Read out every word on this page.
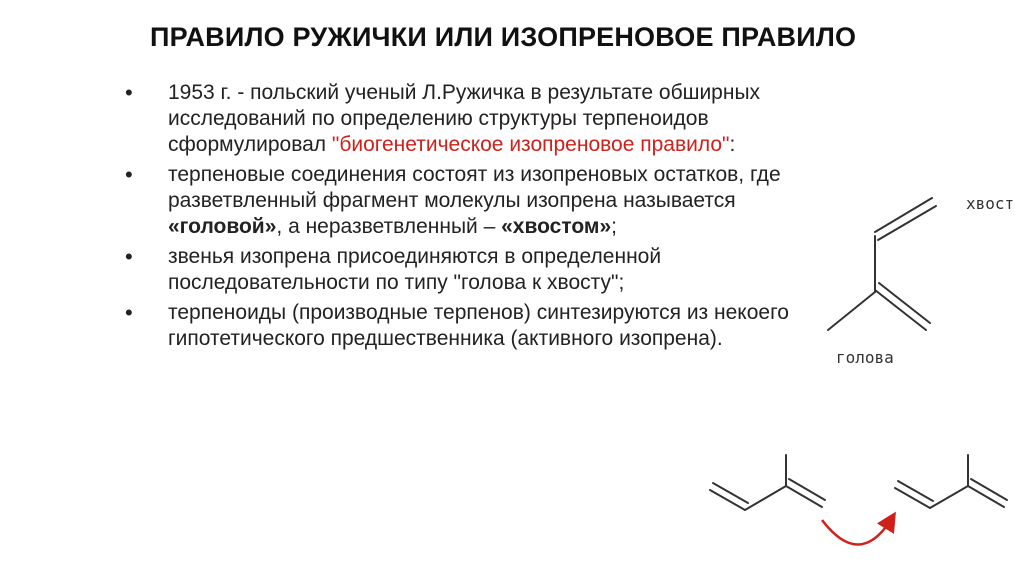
ПРАВИЛО РУЖИЧКИ ИЛИ ИЗОПРЕНОВОЕ ПРАВИЛО
• 1953 г. - польский ученый Л.Ружичка в результате обширных исследований по определению структуры терпеноидов сформулировал "биогенетическое изопреновое правило":
• терпеновые соединения состоят из изопреновых остатков, где разветвленный фрагмент молекулы изопрена называется «головой», а неразветвленный – «хвостом»;
• звенья изопрена присоединяются в определенной последовательности по типу "голова к хвосту";
• терпеноиды (производные терпенов) синтезируются из некоего гипотетического предшественника (активного изопрена).
хвост
голова
